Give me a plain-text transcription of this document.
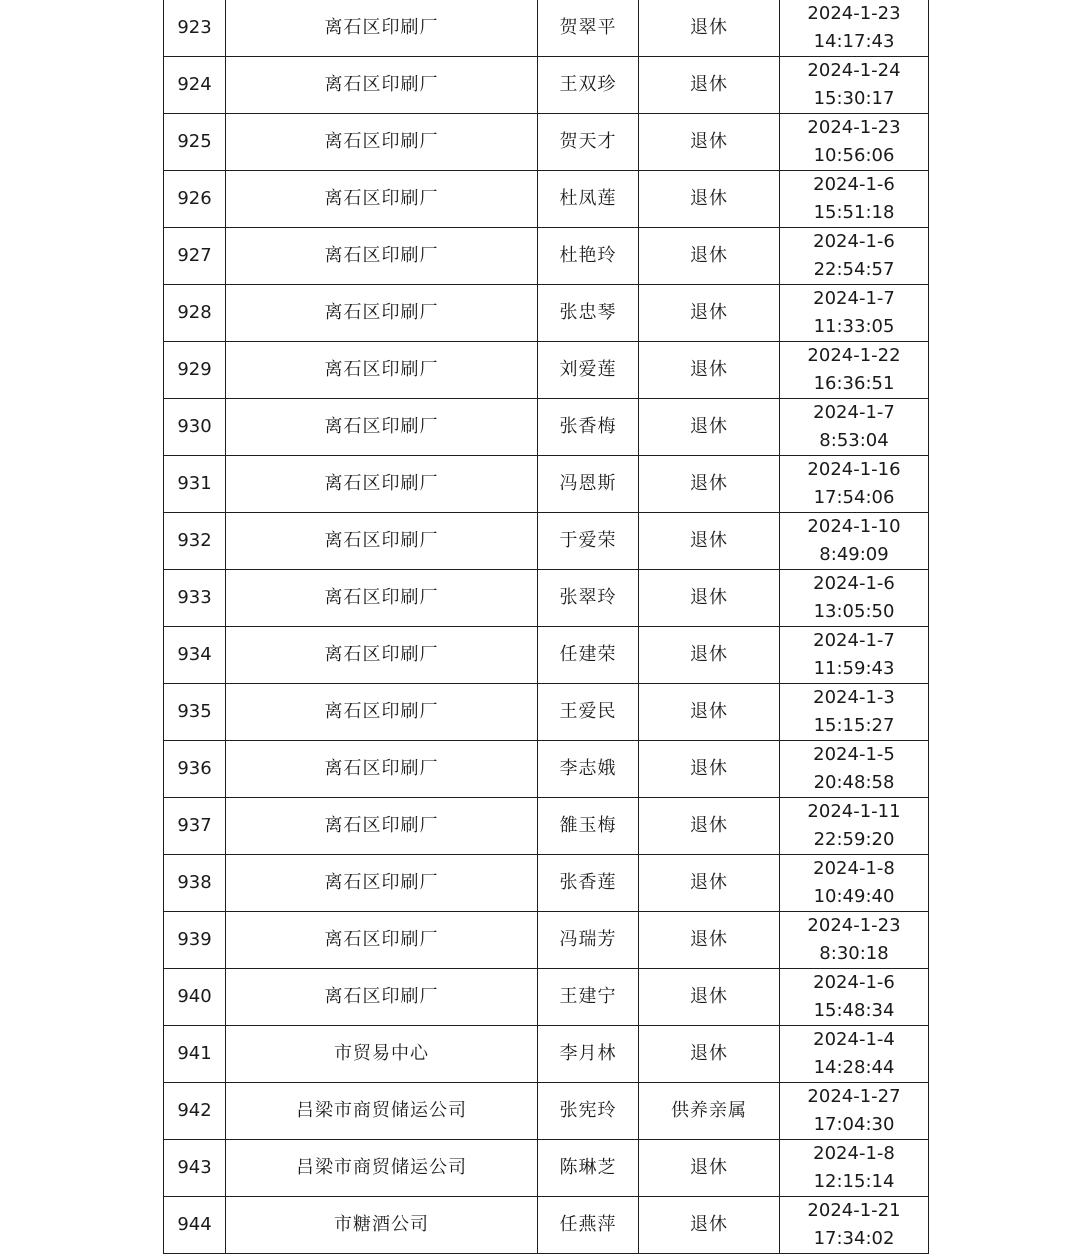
923	离石区印刷厂	贺翠平	退休	2024-1-23
14:17:43

924	离石区印刷厂	王双珍	退休	2024-1-24
15:30:17

925	离石区印刷厂	贺天才	退休	2024-1-23
10:56:06

926	离石区印刷厂	杜凤莲	退休	2024-1-6
15:51:18

927	离石区印刷厂	杜艳玲	退休	2024-1-6
22:54:57

928	离石区印刷厂	张忠琴	退休	2024-1-7
11:33:05

929	离石区印刷厂	刘爱莲	退休	2024-1-22
16:36:51

930	离石区印刷厂	张香梅	退休	2024-1-7
8:53:04

931	离石区印刷厂	冯恩斯	退休	2024-1-16
17:54:06

932	离石区印刷厂	于爱荣	退休	2024-1-10
8:49:09

933	离石区印刷厂	张翠玲	退休	2024-1-6
13:05:50

934	离石区印刷厂	任建荣	退休	2024-1-7
11:59:43

935	离石区印刷厂	王爱民	退休	2024-1-3
15:15:27

936	离石区印刷厂	李志娥	退休	2024-1-5
20:48:58

937	离石区印刷厂	雒玉梅	退休	2024-1-11
22:59:20

938	离石区印刷厂	张香莲	退休	2024-1-8
10:49:40

939	离石区印刷厂	冯瑞芳	退休	2024-1-23
8:30:18

940	离石区印刷厂	王建宁	退休	2024-1-6
15:48:34

941	市贸易中心	李月林	退休	2024-1-4
14:28:44

942	吕梁市商贸储运公司	张宪玲	供养亲属	2024-1-27
17:04:30

943	吕梁市商贸储运公司	陈琳芝	退休	2024-1-8
12:15:14

944	市糖酒公司	任燕萍	退休	2024-1-21
17:34:02
